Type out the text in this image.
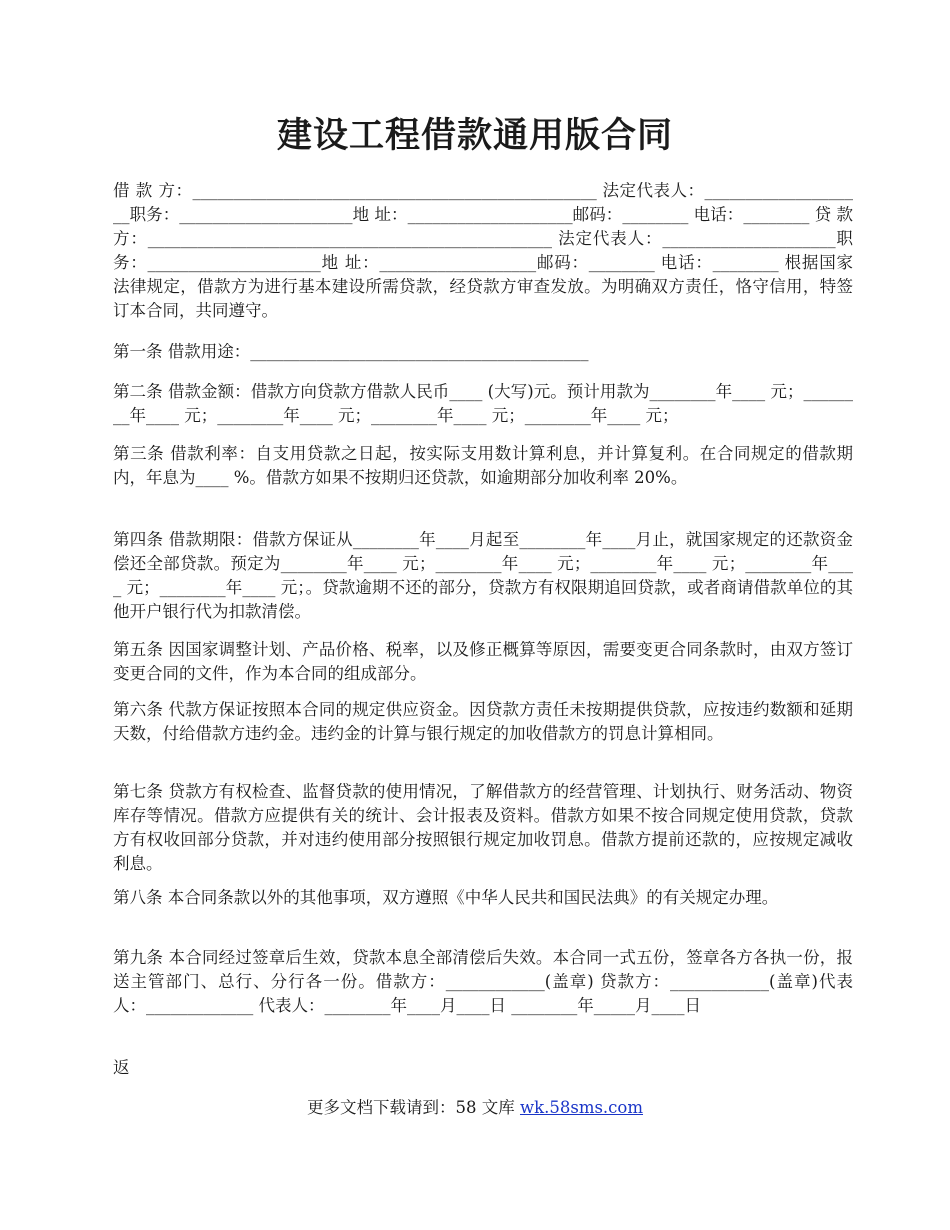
建设工程借款通用版合同

借 款 方：_________________________________________________ 法定代表人：____________________职务：_____________________地 址：____________________邮码：________ 电话：________ 贷 款 方：_________________________________________________ 法定代表人：_____________________职务：_____________________地 址：___________________邮码：________ 电话：________ 根据国家法律规定，借款方为进行基本建设所需贷款，经贷款方审查发放。为明确双方责任，恪守信用，特签订本合同，共同遵守。

第一条 借款用途：_________________________________________

第二条 借款金额：借款方向贷款方借款人民币____ (大写)元。预计用款为________年____ 元；________年____ 元；________年____ 元；________年____ 元；________年____ 元；

第三条 借款利率：自支用贷款之日起，按实际支用数计算利息，并计算复利。在合同规定的借款期内，年息为____ %。借款方如果不按期归还贷款，如逾期部分加收利率 20%。

第四条 借款期限：借款方保证从________年____月起至________年____月止，就国家规定的还款资金偿还全部贷款。预定为________年____ 元；________年____ 元；________年____ 元；________年____ 元；________年____ 元；。贷款逾期不还的部分，贷款方有权限期追回贷款，或者商请借款单位的其他开户银行代为扣款清偿。

第五条 因国家调整计划、产品价格、税率，以及修正概算等原因，需要变更合同条款时，由双方签订变更合同的文件，作为本合同的组成部分。

第六条 代款方保证按照本合同的规定供应资金。因贷款方责任未按期提供贷款，应按违约数额和延期天数，付给借款方违约金。违约金的计算与银行规定的加收借款方的罚息计算相同。

第七条 贷款方有权检查、监督贷款的使用情况，了解借款方的经营管理、计划执行、财务活动、物资库存等情况。借款方应提供有关的统计、会计报表及资料。借款方如果不按合同规定使用贷款，贷款方有权收回部分贷款，并对违约使用部分按照银行规定加收罚息。借款方提前还款的，应按规定减收利息。

第八条 本合同条款以外的其他事项，双方遵照《中华人民共和国民法典》的有关规定办理。

第九条 本合同经过签章后生效，贷款本息全部清偿后失效。本合同一式五份，签章各方各执一份，报送主管部门、总行、分行各一份。借款方：____________(盖章) 贷款方：____________(盖章)代表人：_____________ 代表人：________年____月____日 ________年_____月____日

返

更多文档下载请到：58 文库 wk.58sms.com
